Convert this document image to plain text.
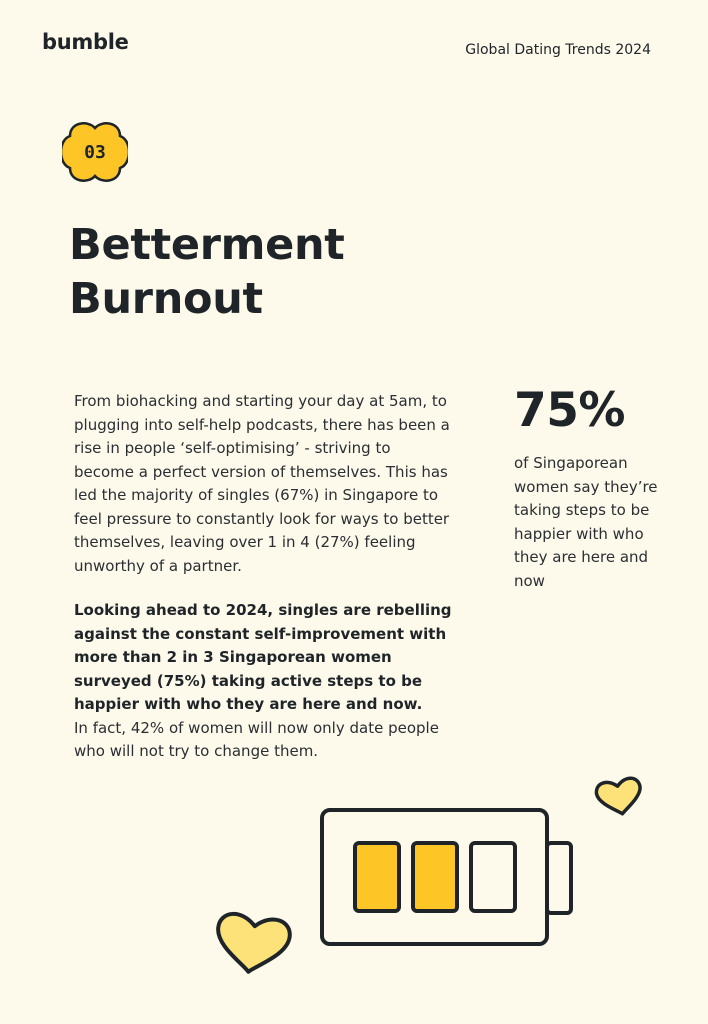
bumble	Global Dating Trends 2024
03
Betterment
Burnout

From biohacking and starting your day at 5am, to plugging into self-help podcasts, there has been a rise in people ‘self-optimising’ - striving to become a perfect version of themselves. This has led the majority of singles (67%) in Singapore to feel pressure to constantly look for ways to better themselves, leaving over 1 in 4 (27%) feeling unworthy of a partner.

Looking ahead to 2024, singles are rebelling against the constant self-improvement with more than 2 in 3 Singaporean women surveyed (75%) taking active steps to be happier with who they are here and now.

In fact, 42% of women will now only date people who will not try to change them.

75%
of Singaporean women say they’re taking steps to be happier with who they are here and now
